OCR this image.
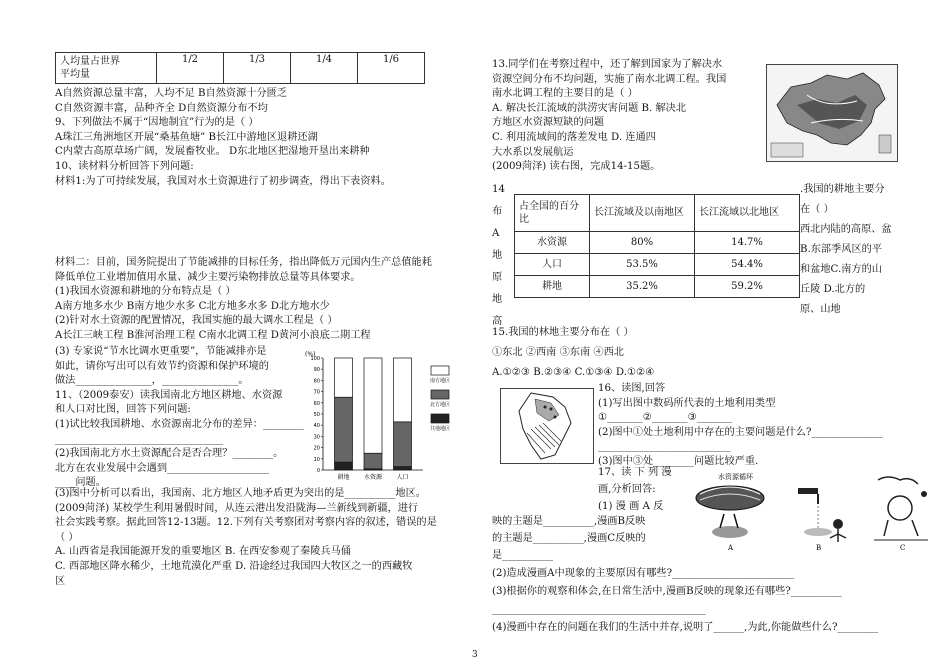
人均量占世界
平均量	1/2	1/3	1/4	1/6
A自然资源总量丰富，人均不足 B自然资源十分匮乏
C自然资源丰富，品种齐全 D自然资源分布不均
9、下列做法不属于“因地制宜”行为的是（ ）
A珠江三角洲地区开展“桑基鱼塘” B长江中游地区退耕还湖
C内蒙古高原草场广阔，发展畜牧业。 D东北地区把湿地开垦出来耕种
10、读材料分析回答下列问题:
材料1:为了可持续发展，我国对水土资源进行了初步调查，得出下表资料。
材料二：目前，国务院提出了节能减排的目标任务，指出降低万元国内生产总值能耗
降低单位工业增加值用水量、减少主要污染物排放总量等具体要求。
(1)我国水资源和耕地的分布特点是（ ）
A南方地多水少 B南方地少水多 C北方地多水多 D北方地水少
(2)针对水土资源的配置情况，我国实施的最大调水工程是（ ）
A长江三峡工程 B淮河治理工程 C南水北调工程 D黄河小浪底二期工程
(3) 专家说“节水比调水更重要”，节能减排亦是
如此，请你写出可以有效节约资源和保护环境的
做法_______________，_______________。
11、（2009泰安）读我国南北方地区耕地、水资源
和人口对比图，回答下列问题:
(1)试比较我国耕地、水资源南北分布的差异：________
_________________________________
(2)我国南北方水土资源配合是否合理？________。
北方在农业发展中会遇到____________________
____问题。
(%)
0
10
20
30
40
50
60
70
80
90
100
耕地 水资源 人口
南方地区
北方地区
共他地区
(3)图中分析可以看出，我国南、北方地区人地矛盾更为突出的是__________地区。
(2009菏泽) 某校学生利用暑假时间，从连云港出发沿陇海—兰新线到新疆，进行
社会实践考察。据此回答12-13题。12.下列有关考察团对考察内容的叙述，错误的是
（ ）
A. 山西省是我国能源开发的重要地区 B. 在西安参观了秦陵兵马俑
C. 西部地区降水稀少，土地荒漠化严重 D. 沿途经过我国四大牧区之一的西藏牧
区
13.同学们在考察过程中，还了解到国家为了解决水
资源空间分布不均问题，实施了南水北调工程。我国
南水北调工程的主要目的是（ ）
A. 解决长江流域的洪涝灾害问题 B. 解决北
方地区水资源短缺的问题
C. 利用流域间的落差发电 D. 连通四
大水系以发展航运
(2009菏泽) 读右图，完成14-15题。
14
布
A
地
原
地
高
占全国的百分比	长江流域及以南地区	长江流域以北地区
水资源	80%	14.7%
人口	53.5%	54.4%
耕地	35.2%	59.2%
.我国的耕地主要分
在（ ）
西北内陆的高原、盆
B.东部季风区的平
和盆地C.南方的山
丘陵 D.北方的
原、山地
15.我国的林地主要分布在（ ）
①东北 ②西南 ③东南 ④西北
A.①②③ B.②③④ C.①③④ D.①②④
16、读图,回答
(1)写出图中数码所代表的土地利用类型
①_______②_______③_______
(2)图中①处土地利用中存在的主要问题是什么?______________
__________________________
(3)图中③处________问题比较严重.
17、读 下 列 漫
画,分析回答:
(1) 漫 画 A 反
映的主题是__________,漫画B反映
的主题是__________,漫画C反映的
是__________
水资源循环
A	B	C
(2)造成漫画A中现象的主要原因有哪些?________________________
(3)根据你的观察和体会,在日常生活中,漫画B反映的现象还有哪些?__________
__________________________________________
(4)漫画中存在的问题在我们的生活中并存,说明了______,为此,你能做些什么?________
3
